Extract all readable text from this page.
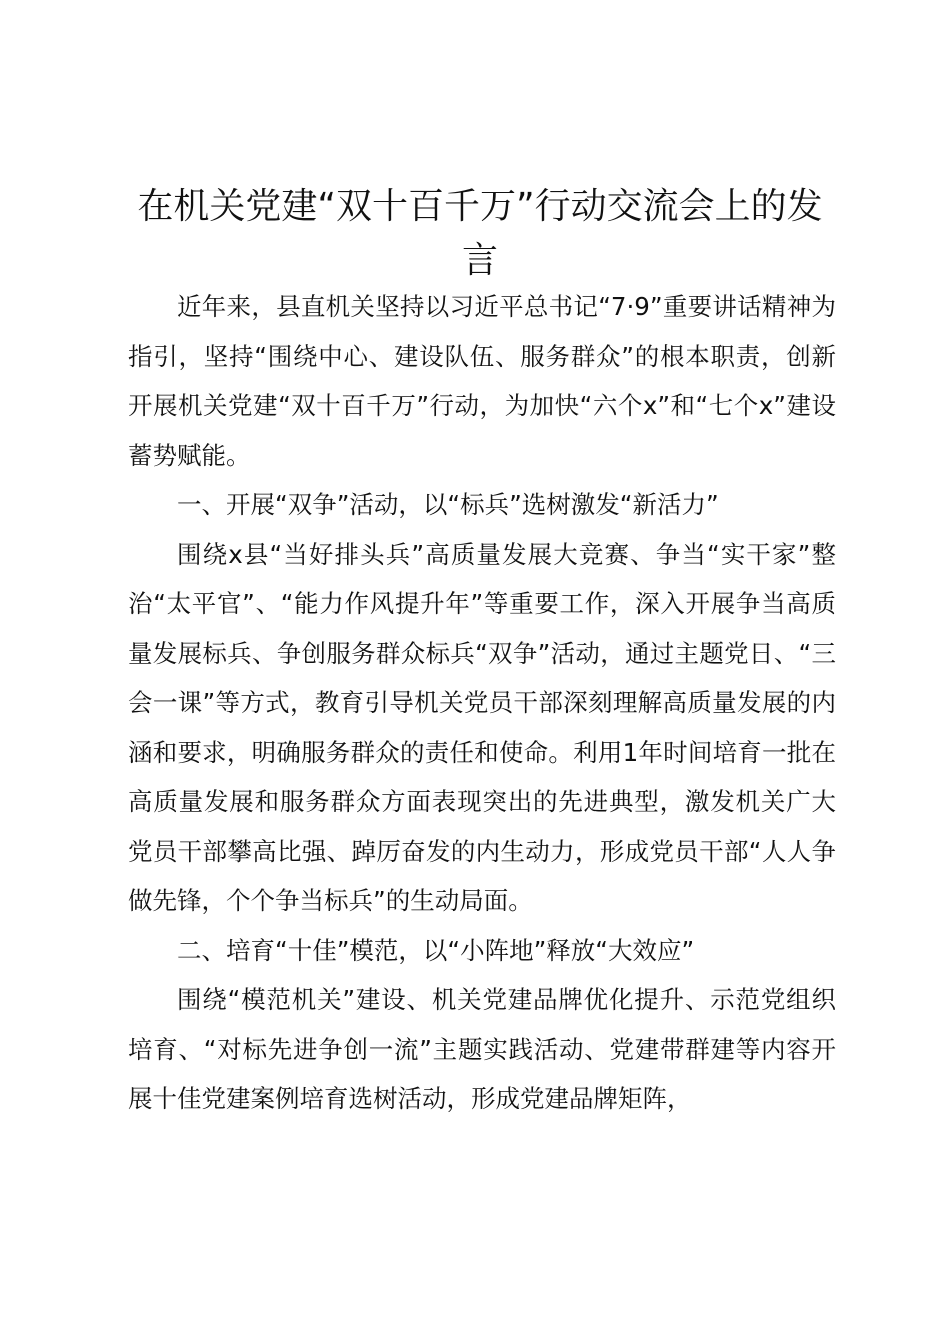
在机关党建“双十百千万”行动交流会上的发言

近年来，县直机关坚持以习近平总书记“7·9”重要讲话精神为指引，坚持“围绕中心、建设队伍、服务群众”的根本职责，创新开展机关党建“双十百千万”行动，为加快“六个x”和“七个x”建设蓄势赋能。

一、开展“双争”活动，以“标兵”选树激发“新活力”

围绕x县“当好排头兵”高质量发展大竞赛、争当“实干家”整治“太平官”、“能力作风提升年”等重要工作，深入开展争当高质量发展标兵、争创服务群众标兵“双争”活动，通过主题党日、“三会一课”等方式，教育引导机关党员干部深刻理解高质量发展的内涵和要求，明确服务群众的责任和使命。利用1年时间培育一批在高质量发展和服务群众方面表现突出的先进典型，激发机关广大党员干部攀高比强、踔厉奋发的内生动力，形成党员干部“人人争做先锋，个个争当标兵”的生动局面。

二、培育“十佳”模范，以“小阵地”释放“大效应”

围绕“模范机关”建设、机关党建品牌优化提升、示范党组织培育、“对标先进争创一流”主题实践活动、党建带群建等内容开展十佳党建案例培育选树活动，形成党建品牌矩阵，
